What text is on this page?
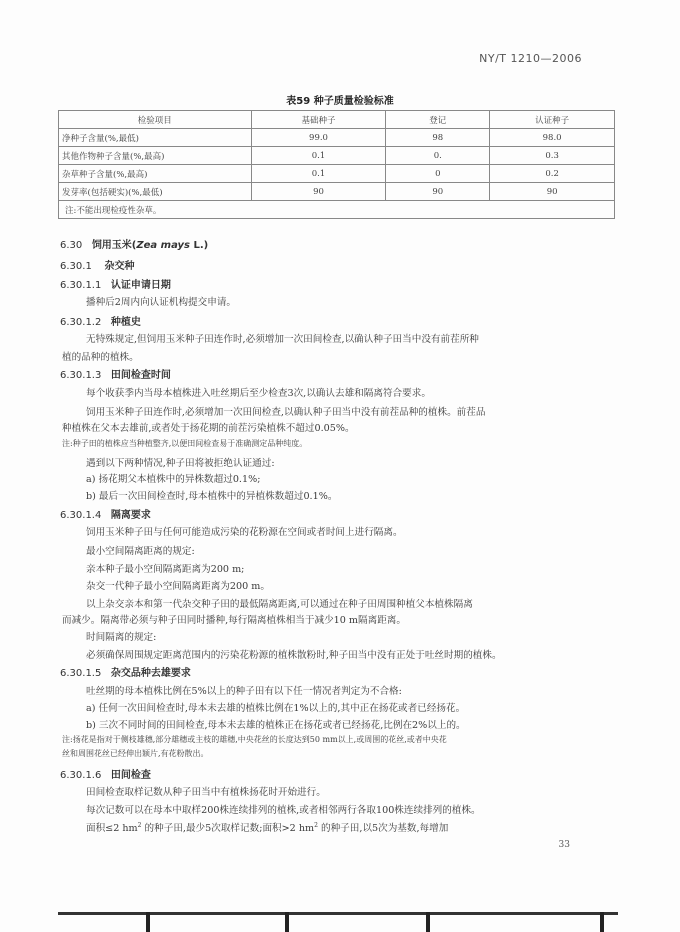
NY/T 1210—2006
表59 种子质量检验标准
检验项目	基础种子	登记	认证种子
净种子含量(%,最低)	99.0	98	98.0
其他作物种子含量(%,最高)	0.1	0.	0.3
杂草种子含量(%,最高)	0.1	0	0.2
发芽率(包括硬实)(%,最低)	90	90	90
注:不能出现检疫性杂草。			
6.30 饲用玉米(Zea mays L.)
6.30.1 杂交种
6.30.1.1 认证申请日期
播种后2周内向认证机构提交申请。
6.30.1.2 种植史
无特殊规定,但饲用玉米种子田连作时,必须增加一次田间检查,以确认种子田当中没有前茬所种
植的品种的植株。
6.30.1.3 田间检查时间
每个收获季内当母本植株进入吐丝期后至少检查3次,以确认去雄和隔离符合要求。
饲用玉米种子田连作时,必须增加一次田间检查,以确认种子田当中没有前茬品种的植株。前茬品
种植株在父本去雄前,或者处于扬花期的前茬污染植株不超过0.05%。
注:种子田的植株应当种植整齐,以便田间检查易于准确测定品种纯度。
遇到以下两种情况,种子田将被拒绝认证通过:
a) 扬花期父本植株中的异株数超过0.1%;
b) 最后一次田间检查时,母本植株中的异植株数超过0.1%。
6.30.1.4 隔离要求
饲用玉米种子田与任何可能造成污染的花粉源在空间或者时间上进行隔离。
最小空间隔离距离的规定:
亲本种子最小空间隔离距离为200 m;
杂交一代种子最小空间隔离距离为200 m。
以上杂交亲本和第一代杂交种子田的最低隔离距离,可以通过在种子田周围种植父本植株隔离
而减少。隔离带必须与种子田同时播种,每行隔离植株相当于减少10 m隔离距离。
时间隔离的规定:
必须确保周围规定距离范围内的污染花粉源的植株散粉时,种子田当中没有正处于吐丝时期的植株。
6.30.1.5 杂交品种去雄要求
吐丝期的母本植株比例在5%以上的种子田有以下任一情况者判定为不合格:
a) 任何一次田间检查时,母本未去雄的植株比例在1%以上的,其中正在扬花或者已经扬花。
b) 三次不同时间的田间检查,母本未去雄的植株正在扬花或者已经扬花,比例在2%以上的。
注:扬花是指对于侧枝雄穗,部分雄穗或主枝的雄穗,中央花丝的长度达到50 mm以上,或周围的花丝,或者中央花
丝和周围花丝已经伸出颖片,有花粉散出。
6.30.1.6 田间检查
田间检查取样记数从种子田当中有植株扬花时开始进行。
每次记数可以在母本中取样200株连续排列的植株,或者相邻两行各取100株连续排列的植株。
面积≤2 $hm^2$ 的种子田,最少5次取样记数;面积>2 $hm^2$ 的种子田,以5次为基数,每增加
33
